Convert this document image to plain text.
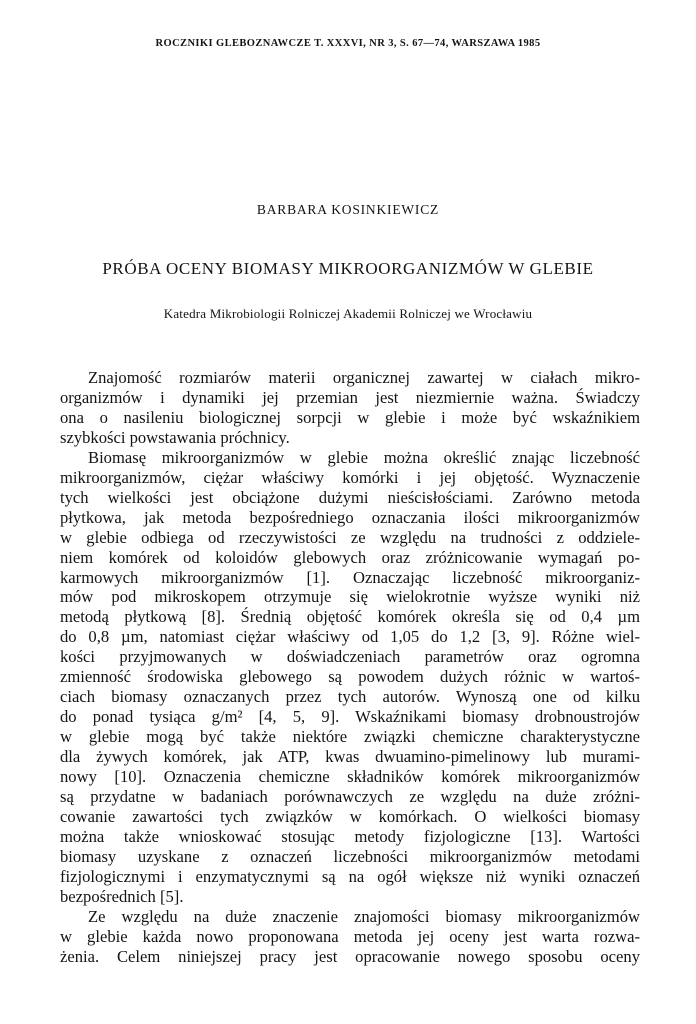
ROCZNIKI GLEBOZNAWCZE T. XXXVI, NR 3, S. 67—74, WARSZAWA 1985
BARBARA KOSINKIEWICZ
PRÓBA OCENY BIOMASY MIKROORGANIZMÓW W GLEBIE
Katedra Mikrobiologii Rolniczej Akademii Rolniczej we Wrocławiu
Znajomość rozmiarów materii organicznej zawartej w ciałach mikro-
organizmów i dynamiki jej przemian jest niezmiernie ważna. Świadczy
ona o nasileniu biologicznej sorpcji w glebie i może być wskaźnikiem
szybkości powstawania próchnicy.
Biomasę mikroorganizmów w glebie można określić znając liczebność
mikroorganizmów, ciężar właściwy komórki i jej objętość. Wyznaczenie
tych wielkości jest obciążone dużymi nieścisłościami. Zarówno metoda
płytkowa, jak metoda bezpośredniego oznaczania ilości mikroorganizmów
w glebie odbiega od rzeczywistości ze względu na trudności z oddziele-
niem komórek od koloidów glebowych oraz zróżnicowanie wymagań po-
karmowych mikroorganizmów [1]. Oznaczając liczebność mikroorganiz-
mów pod mikroskopem otrzymuje się wielokrotnie wyższe wyniki niż
metodą płytkową [8]. Średnią objętość komórek określa się od 0,4 µm
do 0,8 µm, natomiast ciężar właściwy od 1,05 do 1,2 [3, 9]. Różne wiel-
kości przyjmowanych w doświadczeniach parametrów oraz ogromna
zmienność środowiska glebowego są powodem dużych różnic w wartoś-
ciach biomasy oznaczanych przez tych autorów. Wynoszą one od kilku
do ponad tysiąca g/m² [4, 5, 9]. Wskaźnikami biomasy drobnoustrojów
w glebie mogą być także niektóre związki chemiczne charakterystyczne
dla żywych komórek, jak ATP, kwas dwuamino-pimelinowy lub murami-
nowy [10]. Oznaczenia chemiczne składników komórek mikroorganizmów
są przydatne w badaniach porównawczych ze względu na duże zróżni-
cowanie zawartości tych związków w komórkach. O wielkości biomasy
można także wnioskować stosując metody fizjologiczne [13]. Wartości
biomasy uzyskane z oznaczeń liczebności mikroorganizmów metodami
fizjologicznymi i enzymatycznymi są na ogół większe niż wyniki oznaczeń
bezpośrednich [5].
Ze względu na duże znaczenie znajomości biomasy mikroorganizmów
w glebie każda nowo proponowana metoda jej oceny jest warta rozwa-
żenia. Celem niniejszej pracy jest opracowanie nowego sposobu oceny
